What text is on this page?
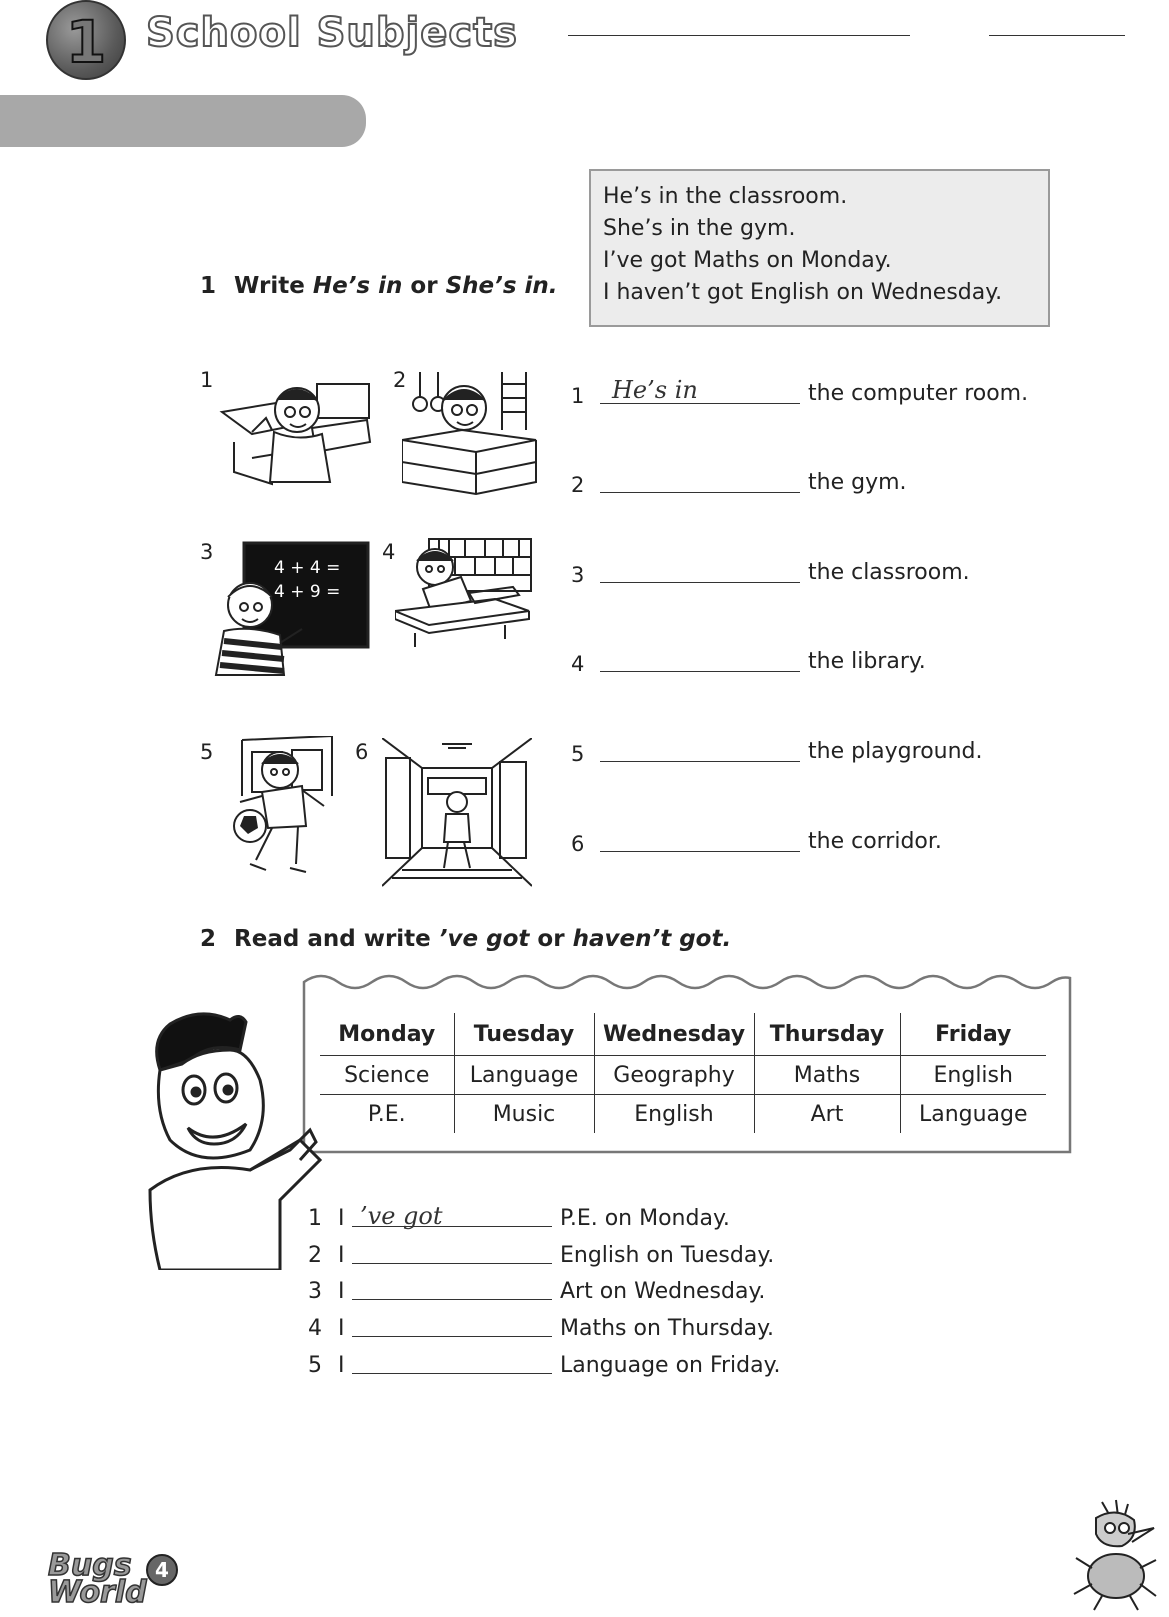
1 School Subjects
He’s in the classroom.
She’s in the gym.
I’ve got Maths on Monday.
I haven’t got English on Wednesday.
1 Write He’s in or She’s in.
1	2
3
4 + 4 =
4 + 9 =
4
5	6
1 He’s in	the computer room.
2	the gym.
3	the classroom.
4	the library.
5	the playground.
6	the corridor.
2 Read and write ’ve got or haven’t got.
Monday	Tuesday	Wednesday	Thursday	Friday
Science	Language	Geography	Maths	English
P.E.	Music	English	Art	Language
1 I ’ve got	P.E. on Monday.
2 I	English on Tuesday.
3 I	Art on Wednesday.
4 I	Maths on Thursday.
5 I	Language on Friday.
Bugs
World
4
